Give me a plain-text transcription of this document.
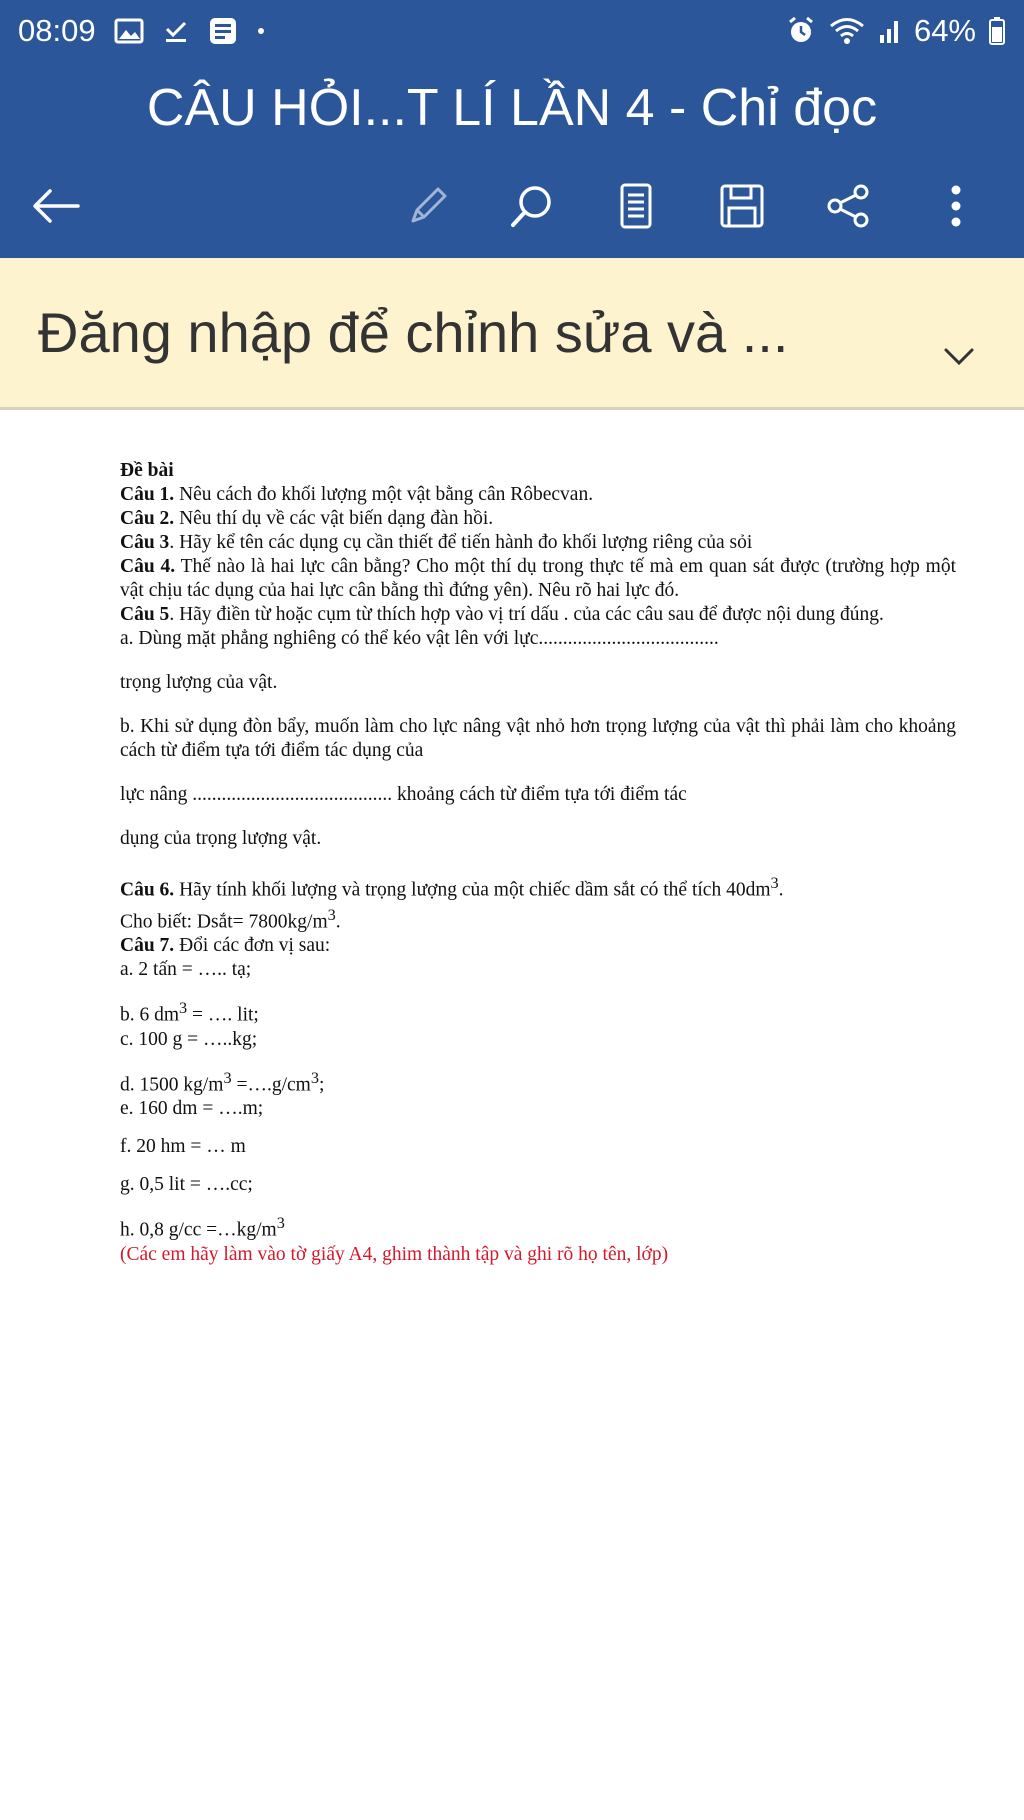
08:09	64%
CÂU HỎI...T LÍ LẦN 4 - Chỉ đọc
Đăng nhập để chỉnh sửa và ...

Đề bài

Câu 1. Nêu cách đo khối lượng một vật bằng cân Rôbecvan.

Câu 2. Nêu thí dụ về các vật biến dạng đàn hồi.

Câu 3. Hãy kể tên các dụng cụ cần thiết để tiến hành đo khối lượng riêng của sỏi

Câu 4. Thế nào là hai lực cân bằng? Cho một thí dụ trong thực tế mà em quan sát được (trường hợp một vật chịu tác dụng của hai lực cân bằng thì đứng yên). Nêu rõ hai lực đó.

Câu 5. Hãy điền từ hoặc cụm từ thích hợp vào vị trí dấu . của các câu sau để được nội dung đúng.

a. Dùng mặt phẳng nghiêng có thể kéo vật lên với lực.....................................

trọng lượng của vật.

b. Khi sử dụng đòn bẩy, muốn làm cho lực nâng vật nhỏ hơn trọng lượng của vật thì phải làm cho khoảng cách từ điểm tựa tới điểm tác dụng của

lực nâng ......................................... khoảng cách từ điểm tựa tới điểm tác

dụng của trọng lượng vật.

Câu 6. Hãy tính khối lượng và trọng lượng của một chiếc dầm sắt có thể tích $40dm^3$.

Cho biết: Dsắt= $7800kg/m^3$.

Câu 7. Đổi các đơn vị sau:

a. 2 tấn = ….. tạ;

b. 6 $dm^3$ = …. lit;

c. 100 g = …..kg;

d. 1500 $kg/m^3$ $=\dots.g/cm^3$;

e. 160 dm = ….m;

f. 20 hm = … m

g. 0,5 lit = ….cc;

h. 0,8 $g/cc =\dots kg/m^3$

(Các em hãy làm vào tờ giấy A4, ghim thành tập và ghi rõ họ tên, lớp)
